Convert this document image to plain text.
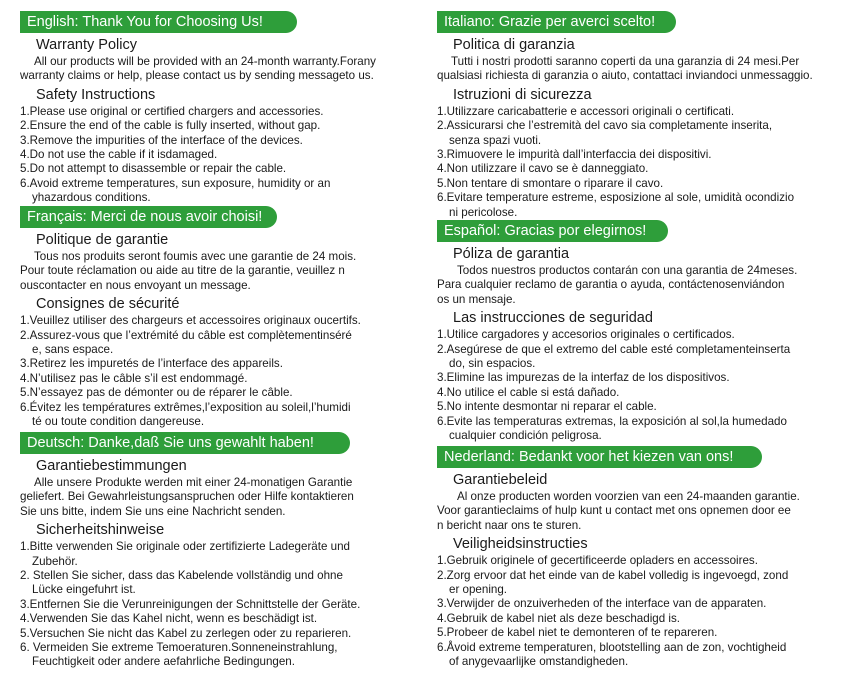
English: Thank You for Choosing Us!
Warranty Policy
All our products will be provided with an 24-month warranty.Forany
warranty claims or help, please contact us by sending messageto us.
Safety Instructions
1.Please use original or certified chargers and accessories.
2.Ensure the end of the cable is fully inserted, without gap.
3.Remove the impurities of the interface of the devices.
4.Do not use the cable if it isdamaged.
5.Do not attempt to disassemble or repair the cable.
6.Avoid extreme temperatures, sun exposure, humidity or an
yhazardous conditions.
Français: Merci de nous avoir choisi!
Politique de garantie
Tous nos produits seront foumis avec une garantie de 24 mois.
Pour toute réclamation ou aide au titre de la garantie, veuillez n
ouscontacter en nous envoyant un message.
Consignes de sécurité
1.Veuillez utiliser des chargeurs et accessoires originaux oucertifs.
2.Assurez-vous que l’extrémité du câble est complètementinséré
e, sans espace.
3.Retirez les impuretés de l’interface des appareils.
4.N’utilisez pas le câble s’il est endommagé.
5.N’essayez pas de démonter ou de réparer le câble.
6.Évitez les températures extrêmes,l’exposition au soleil,l’humidi
té ou toute condition dangereuse.
Deutsch: Danke,daß Sie uns gewahlt haben!
Garantiebestimmungen
Alle unsere Produkte werden mit einer 24-monatigen Garantie
geliefert. Bei Gewahrleistungsanspruchen oder Hilfe kontaktieren
Sie uns bitte, indem Sie uns eine Nachricht senden.
Sicherheitshinweise
1.Bitte verwenden Sie originale oder zertifizierte Ladegeräte und
Zubehör.
2. Stellen Sie sicher, dass das Kabelende vollständig und ohne
Lücke eingefuhrt ist.
3.Entfernen Sie die Verunreinigungen der Schnittstelle der Geräte.
4.Verwenden Sie das Kahel nicht, wenn es beschädigt ist.
5.Versuchen Sie nicht das Kabel zu zerlegen oder zu reparieren.
6. Vermeiden Sie extreme Temoeraturen.Sonneneinstrahlung,
Feuchtigkeit oder andere aefahrliche Bedingungen.
Italiano: Grazie per averci scelto!
Politica di garanzia
Tutti i nostri prodotti saranno coperti da una garanzia di 24 mesi.Per
qualsiasi richiesta di garanzia o aiuto, contattaci inviandoci unmessaggio.
Istruzioni di sicurezza
1.Utilizzare caricabatterie e accessori originali o certificati.
2.Assicurarsi che l’estremità del cavo sia completamente inserita,
senza spazi vuoti.
3.Rimuovere le impurità dall’interfaccia dei dispositivi.
4.Non utilizzare il cavo se è danneggiato.
5.Non tentare di smontare o riparare il cavo.
6.Evitare temperature estreme, esposizione al sole, umidità ocondizio
ni pericolose.
Español: Gracias por elegirnos!
Póliza de garantia
Todos nuestros productos contarán con una garantia de 24meses.
Para cualquier reclamo de garantia o ayuda, contáctenosenviándon
os un mensaje.
Las instrucciones de seguridad
1.Utilice cargadores y accesorios originales o certificados.
2.Asegúrese de que el extremo del cable esté completamenteinserta
do, sin espacios.
3.Elimine las impurezas de la interfaz de los dispositivos.
4.No utilice el cable si está dañado.
5.No intente desmontar ni reparar el cable.
6.Evite las temperaturas extremas, la exposición al sol,la humedado
cualquier condición peligrosa.
Nederland: Bedankt voor het kiezen van ons!
Garantiebeleid
Al onze producten worden voorzien van een 24-maanden garantie.
Voor garantieclaims of hulp kunt u contact met ons opnemen door ee
n bericht naar ons te sturen.
Veiligheidsinstructies
1.Gebruik originele of gecertificeerde opladers en accessoires.
2.Zorg ervoor dat het einde van de kabel volledig is ingevoegd, zond
er opening.
3.Verwijder de onzuiverheden of the interface van de apparaten.
4.Gebruik de kabel niet als deze beschadigd is.
5.Probeer de kabel niet te demonteren of te repareren.
6.Åvoid extreme temperaturen, blootstelling aan de zon, vochtigheid
of anygevaarlijke omstandigheden.
